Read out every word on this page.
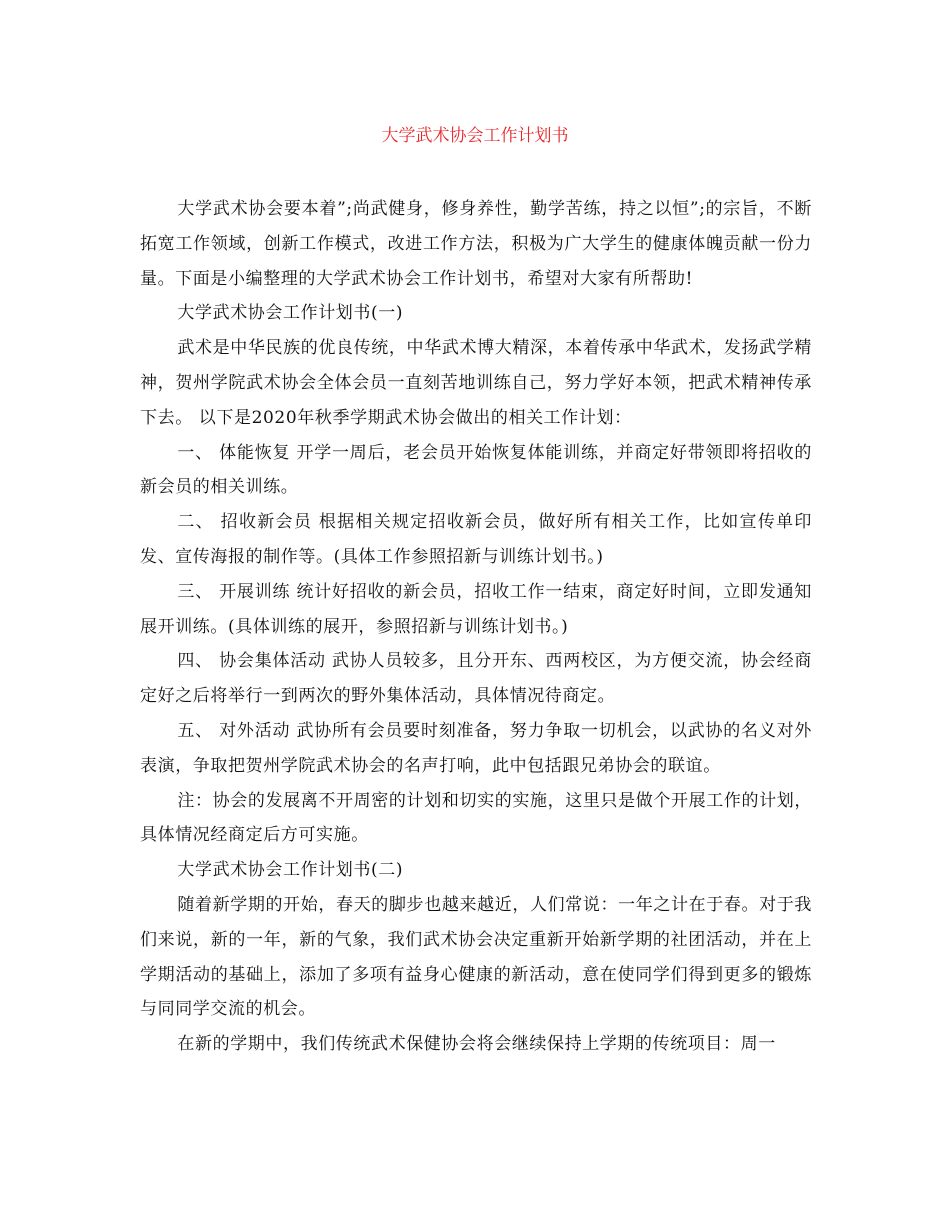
大学武术协会工作计划书

大学武术协会要本着”;尚武健身，修身养性，勤学苦练，持之以恒”;的宗旨，不断拓宽工作领域，创新工作模式，改进工作方法，积极为广大学生的健康体魄贡献一份力量。下面是小编整理的大学武术协会工作计划书，希望对大家有所帮助!

大学武术协会工作计划书(一)

武术是中华民族的优良传统，中华武术博大精深，本着传承中华武术，发扬武学精神，贺州学院武术协会全体会员一直刻苦地训练自己，努力学好本领，把武术精神传承下去。 以下是2020年秋季学期武术协会做出的相关工作计划：

一、 体能恢复 开学一周后，老会员开始恢复体能训练，并商定好带领即将招收的新会员的相关训练。

二、 招收新会员 根据相关规定招收新会员，做好所有相关工作，比如宣传单印发、宣传海报的制作等。(具体工作参照招新与训练计划书。)

三、 开展训练 统计好招收的新会员，招收工作一结束，商定好时间，立即发通知展开训练。(具体训练的展开，参照招新与训练计划书。)

四、 协会集体活动 武协人员较多，且分开东、西两校区，为方便交流，协会经商定好之后将举行一到两次的野外集体活动，具体情况待商定。

五、 对外活动 武协所有会员要时刻准备，努力争取一切机会，以武协的名义对外表演，争取把贺州学院武术协会的名声打响，此中包括跟兄弟协会的联谊。

注：协会的发展离不开周密的计划和切实的实施，这里只是做个开展工作的计划，具体情况经商定后方可实施。

大学武术协会工作计划书(二)

随着新学期的开始，春天的脚步也越来越近，人们常说：一年之计在于春。对于我们来说，新的一年，新的气象，我们武术协会决定重新开始新学期的社团活动，并在上学期活动的基础上，添加了多项有益身心健康的新活动，意在使同学们得到更多的锻炼与同同学交流的机会。

在新的学期中，我们传统武术保健协会将会继续保持上学期的传统项目：周一
